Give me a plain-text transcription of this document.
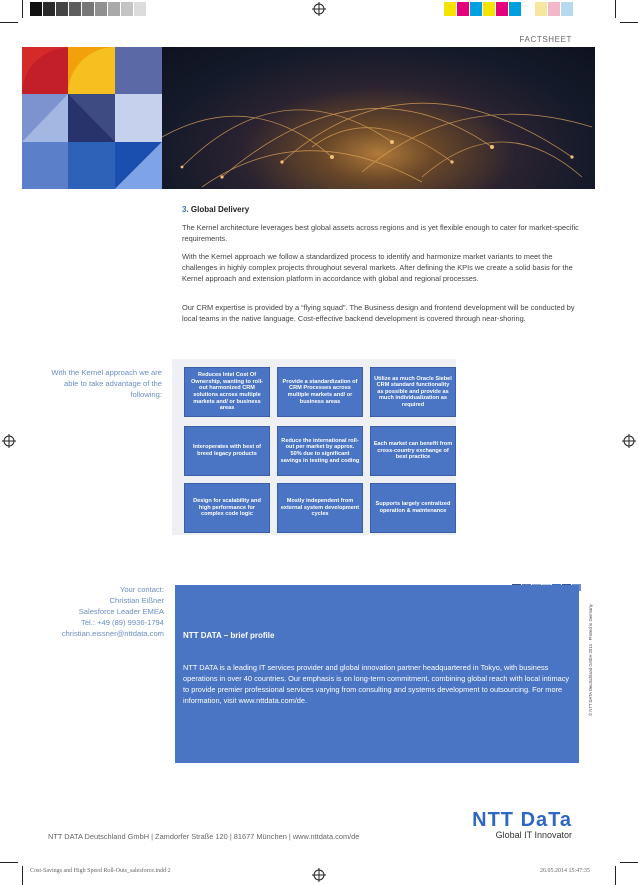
FACTSHEET
3. Global Delivery

The Kernel architecture leverages best global assets across regions and is yet flexible enough to cater for market-specific requirements.

With the Kernel approach we follow a standardized process to identify and harmonize market variants to meet the challenges in highly complex projects throughout several markets. After defining the KPIs we create a solid basis for the Kernel approach and extension platform in accordance with global and regional processes.

Our CRM expertise is provided by a “flying squad”. The Business design and frontend development will be conducted by local teams in the native language. Cost-effective backend development is covered through near-shoring.

With the Kernel approach we are able to take advantage of the following:
Reduces Intel Cost Of Ownership, wanting to roll-out harmonized CRM solutions across multiple markets and/ or business areas
Provide a standardization of CRM Processes across multiple markets and/ or business areas
Utilize as much Oracle Siebel CRM standard functionality as possible and provide as much individualization as required
Interoperates with best of breed legacy products
Reduce the international roll-out per market by approx. 50% due to significant savings in testing and coding
Each market can benefit from cross-country exchange of best practice
Design for scalability and high performance for complex code logic
Mostly independent from external system development cycles
Supports largely centralized operation & maintenance
Your contact:
Christian Eißner
Salesforce Leader EMEA
Tel.: +49 (89) 9936-1794
christian.eissner@nttdata.com NTT DATA – brief profile

NTT DATA is a leading IT services provider and global innovation partner headquartered in Tokyo, with business operations in over 40 countries. Our emphasis is on long-term commitment, combining global reach with local intimacy to provide premier professional services varying from consulting and systems development to outsourcing. For more information, visit www.nttdata.com/de.	© NTT DATA Deutschland GmbH 2014 · Printed in Germany
NTT DATA Deutschland GmbH | Zamdorfer Straße 120 | 81677 München | www.nttdata.com/de
NTT DaTa
Global IT Innovator
Cost-Savings and High Speed Roll-Outs_salesforce.indd 2	26.05.2014 15:47:35
